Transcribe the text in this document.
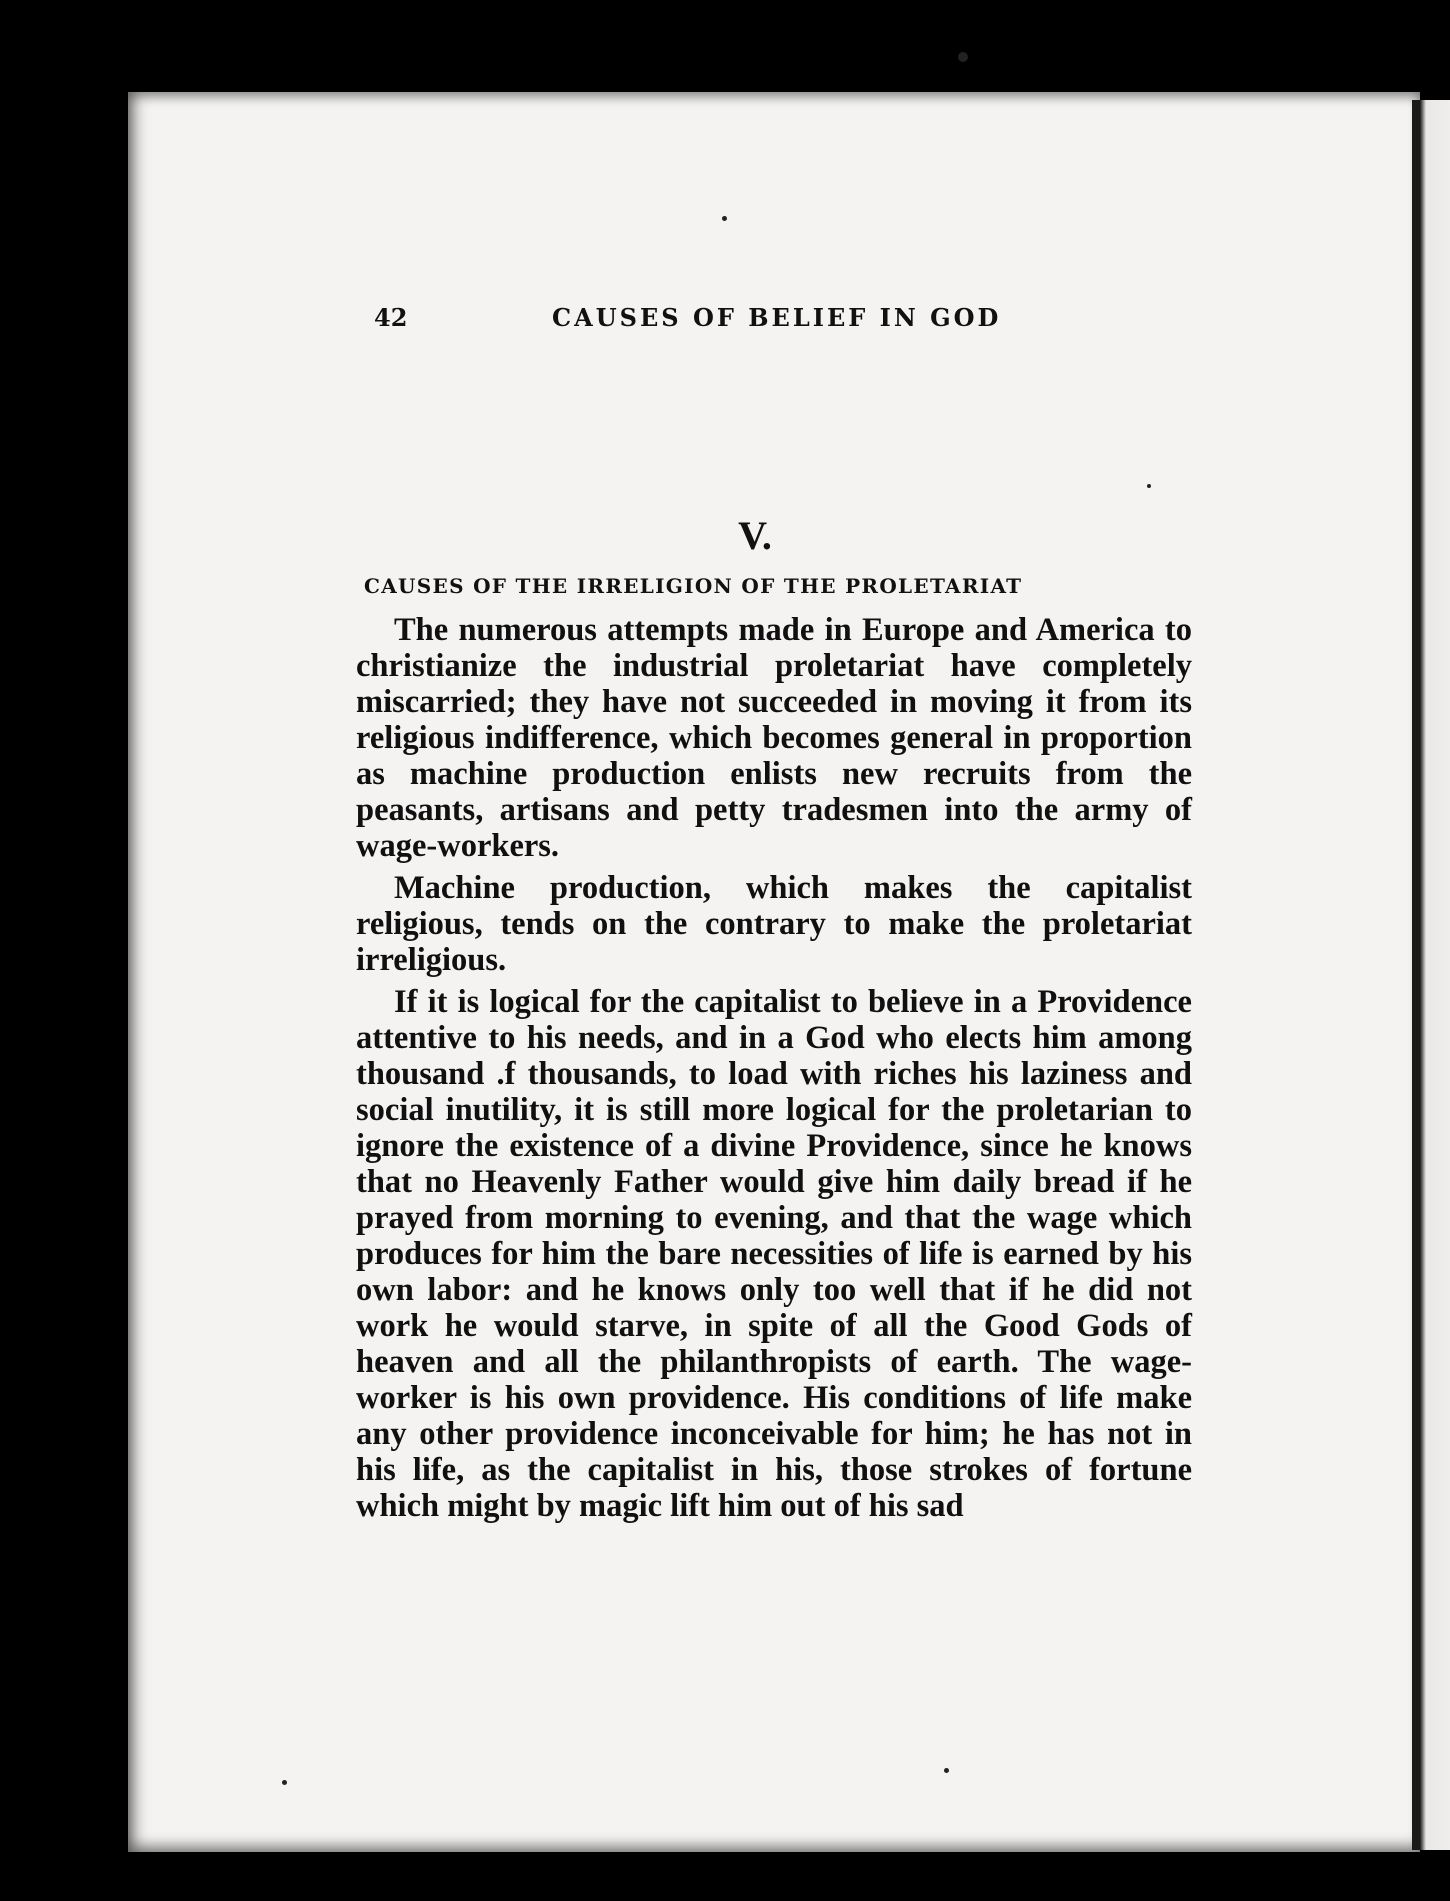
42	CAUSES OF BELIEF IN GOD
V.
CAUSES OF THE IRRELIGION OF THE PROLETARIAT

The numerous attempts made in Europe and America to christianize the industrial proletariat have completely miscarried; they have not succeeded in moving it from its religious indifference, which becomes general in proportion as machine production enlists new recruits from the peasants, artisans and petty tradesmen into the army of wage-workers.

Machine production, which makes the capitalist religious, tends on the contrary to make the proletariat irreligious.

If it is logical for the capitalist to believe in a Providence attentive to his needs, and in a God who elects him among thousand .f thousands, to load with riches his laziness and social inutility, it is still more logical for the proletarian to ignore the existence of a divine Providence, since he knows that no Heavenly Father would give him daily bread if he prayed from morning to evening, and that the wage which produces for him the bare necessities of life is earned by his own labor: and he knows only too well that if he did not work he would starve, in spite of all the Good Gods of heaven and all the philanthropists of earth. The wage-worker is his own providence. His conditions of life make any other providence inconceivable for him; he has not in his life, as the capitalist in his, those strokes of fortune which might by magic lift him out of his sad
